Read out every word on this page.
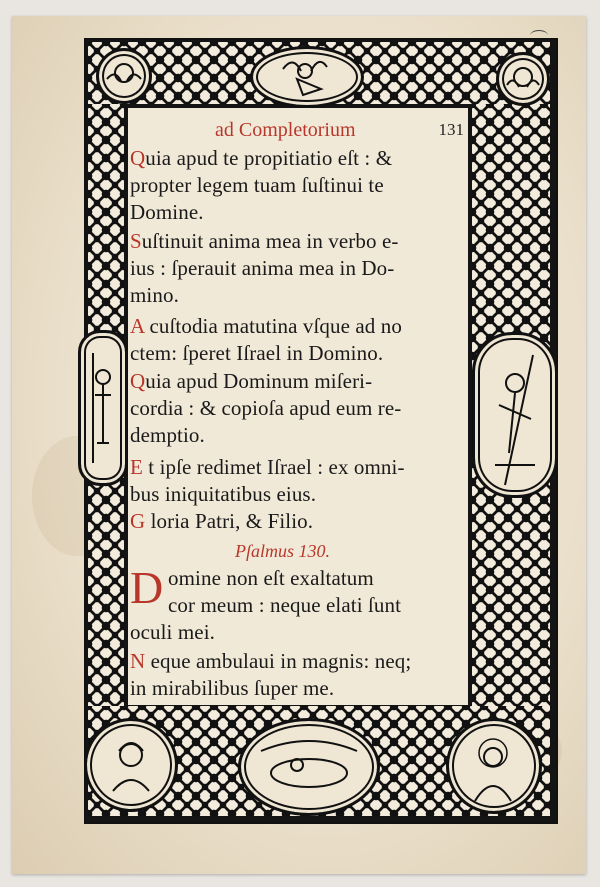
ad Completorium	131
Quia apud te propitiatio eſt : &
propter legem tuam ſuſtinui te
Domine.
Suſtinuit anima mea in verbo e-
ius : ſperauit anima mea in Do-
mino.
A cuſtodia matutina vſque ad no
ctem: ſperet Iſrael in Domino.
Quia apud Dominum miſeri-
cordia : & copioſa apud eum re-
demptio.
E t ipſe redimet Iſrael : ex omni-
bus iniquitatibus eius.
G loria Patri, & Filio.
Pſalmus 130.
D omine non eſt exaltatum
cor meum : neque elati ſunt
oculi mei.
N eque ambulaui in magnis: neq;
in mirabilibus ſuper me.
